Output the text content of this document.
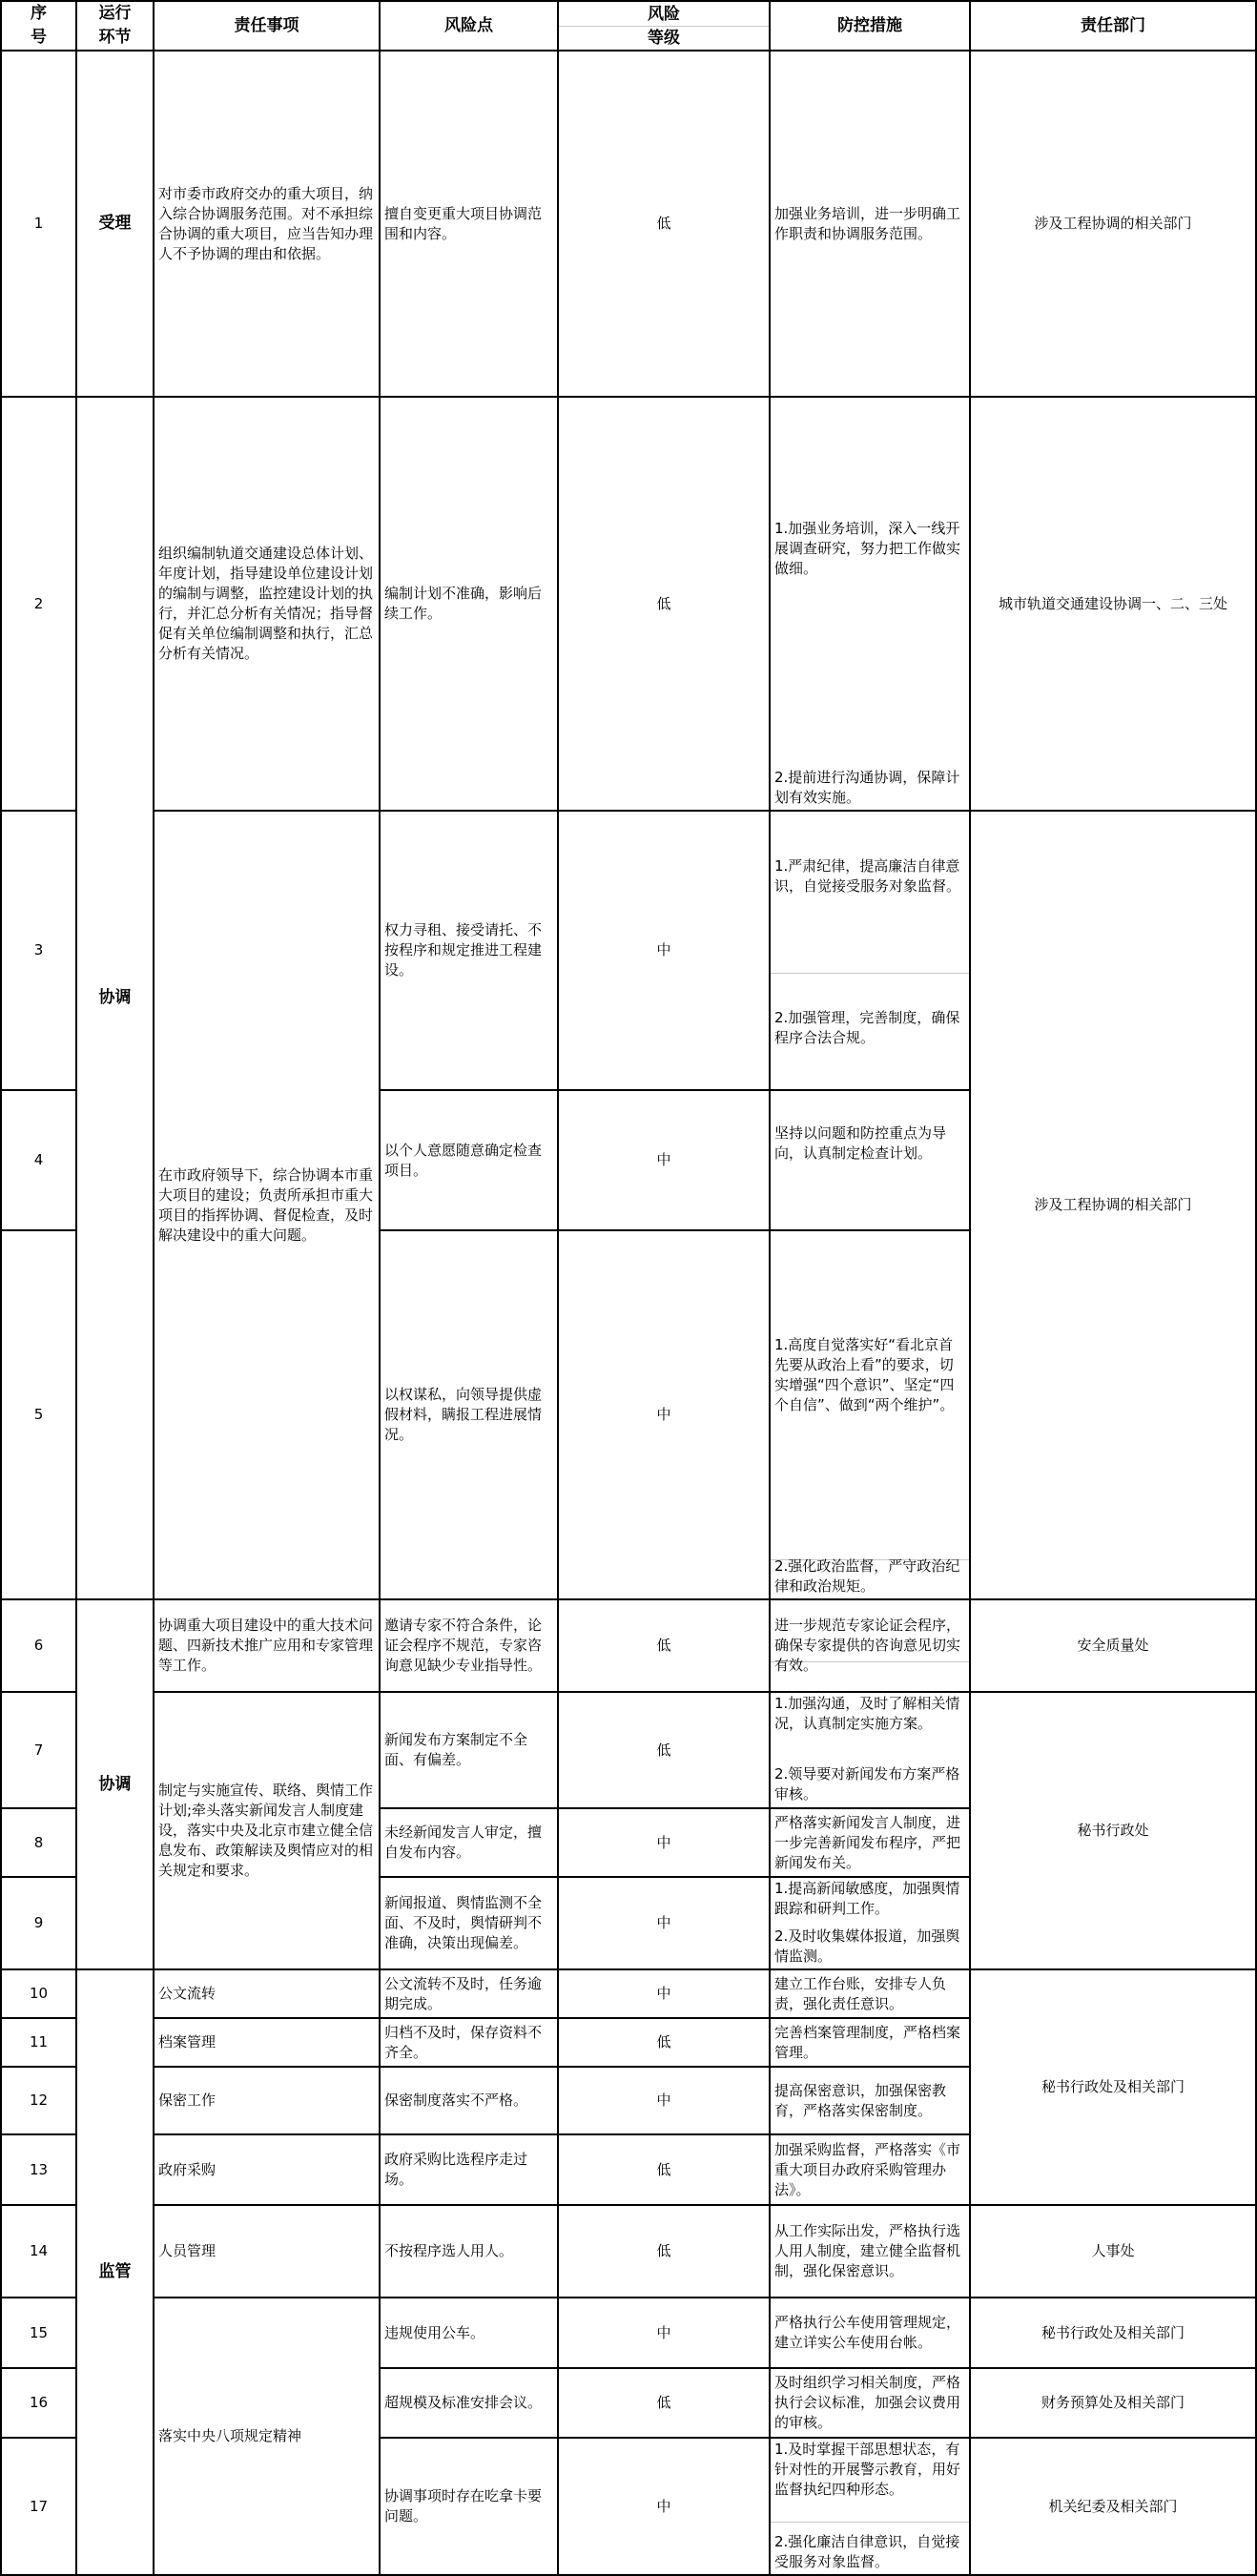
序
号
运行
环节
责任事项	风险点
风险
等级
防控措施	责任部门
1
2
3
4
5
6
7
8
9
10
11
12
13
14
15
16
17
受理
协调
协调
监管
对市委市政府交办的重大项目，纳入综合协调服务范围。对不承担综合协调的重大项目，应当告知办理人不予协调的理由和依据。
组织编制轨道交通建设总体计划、年度计划，指导建设单位建设计划的编制与调整，监控建设计划的执行，并汇总分析有关情况；指导督促有关单位编制调整和执行，汇总分析有关情况。
在市政府领导下，综合协调本市重大项目的建设；负责所承担市重大项目的指挥协调、督促检查，及时解决建设中的重大问题。
协调重大项目建设中的重大技术问题、四新技术推广应用和专家管理等工作。
制定与实施宣传、联络、舆情工作计划;牵头落实新闻发言人制度建设，落实中央及北京市建立健全信息发布、政策解读及舆情应对的相关规定和要求。
公文流转
档案管理
保密工作
政府采购
人员管理
落实中央八项规定精神
擅自变更重大项目协调范围和内容。
编制计划不准确，影响后续工作。
权力寻租、接受请托、不按程序和规定推进工程建设。
以个人意愿随意确定检查项目。
以权谋私，向领导提供虚假材料，瞒报工程进展情况。
邀请专家不符合条件，论证会程序不规范，专家咨询意见缺少专业指导性。
新闻发布方案制定不全面、有偏差。
未经新闻发言人审定，擅自发布内容。
新闻报道、舆情监测不全面、不及时，舆情研判不准确，决策出现偏差。
公文流转不及时，任务逾期完成。
归档不及时，保存资料不齐全。
保密制度落实不严格。
政府采购比选程序走过场。
不按程序选人用人。
违规使用公车。
超规模及标准安排会议。
协调事项时存在吃拿卡要问题。
低
低
中
中
中
低
低
中
中
中
低
中
低
低
中
低
中
加强业务培训，进一步明确工作职责和协调服务范围。
1.加强业务培训，深入一线开展调查研究，努力把工作做实做细。
2.提前进行沟通协调，保障计划有效实施。
1.严肃纪律，提高廉洁自律意识，自觉接受服务对象监督。
2.加强管理，完善制度，确保程序合法合规。
坚持以问题和防控重点为导向，认真制定检查计划。
1.高度自觉落实好“看北京首先要从政治上看”的要求，切实增强“四个意识”、坚定“四个自信”、做到“两个维护”。
2.强化政治监督，严守政治纪律和政治规矩。
进一步规范专家论证会程序，确保专家提供的咨询意见切实有效。
1.加强沟通，及时了解相关情况，认真制定实施方案。
2.领导要对新闻发布方案严格审核。
严格落实新闻发言人制度，进一步完善新闻发布程序，严把新闻发布关。
1.提高新闻敏感度，加强舆情跟踪和研判工作。
2.及时收集媒体报道，加强舆情监测。
建立工作台账，安排专人负责，强化责任意识。
完善档案管理制度，严格档案管理。
提高保密意识，加强保密教育，严格落实保密制度。
加强采购监督，严格落实《市重大项目办政府采购管理办法》。
从工作实际出发，严格执行选人用人制度，建立健全监督机制，强化保密意识。
严格执行公车使用管理规定，建立详实公车使用台帐。
及时组织学习相关制度，严格执行会议标准，加强会议费用的审核。
1.及时掌握干部思想状态，有针对性的开展警示教育，用好监督执纪四种形态。
2.强化廉洁自律意识，自觉接受服务对象监督。
涉及工程协调的相关部门
城市轨道交通建设协调一、二、三处
涉及工程协调的相关部门
安全质量处
秘书行政处
秘书行政处及相关部门
人事处
秘书行政处及相关部门
财务预算处及相关部门
机关纪委及相关部门
